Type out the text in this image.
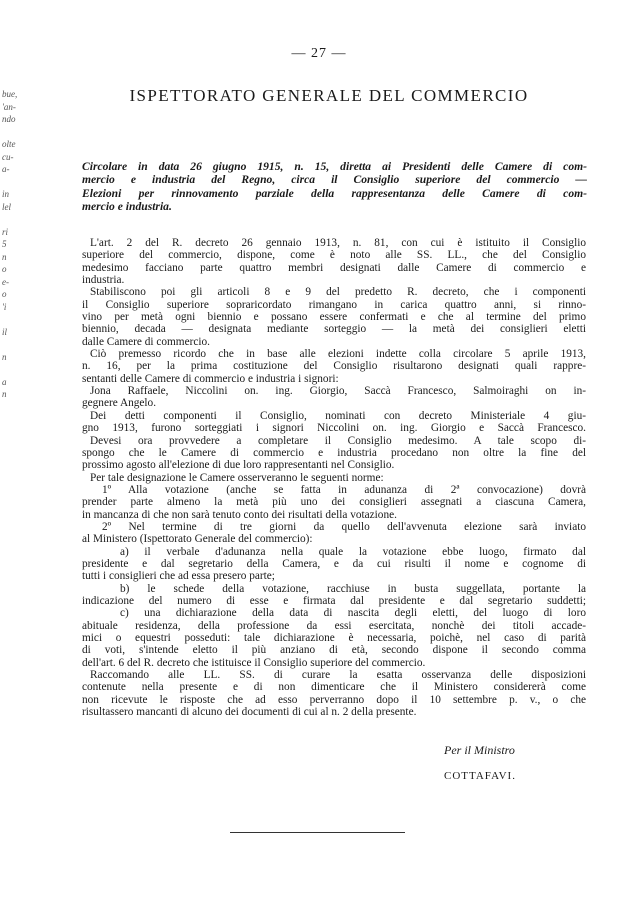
— 27 —
bue,
'an-
ndo

olte
cu-
a-

in
lel

ri
5
n
o
e-
o
'i

il

n

a
n
ISPETTORATO GENERALE DEL COMMERCIO
Circolare in data 26 giugno 1915, n. 15, diretta ai Presidenti delle Camere di com-
mercio e industria del Regno, circa il Consiglio superiore del commercio —
Elezioni per rinnovamento parziale della rappresentanza delle Camere di com-
mercio e industria.
L'art. 2 del R. decreto 26 gennaio 1913, n. 81, con cui è istituito il Consiglio
superiore del commercio, dispone, come è noto alle SS. LL., che del Consiglio
medesimo facciano parte quattro membri designati dalle Camere di commercio e
industria.
Stabiliscono poi gli articoli 8 e 9 del predetto R. decreto, che i componenti
il Consiglio superiore sopraricordato rimangano in carica quattro anni, si rinno-
vino per metà ogni biennio e possano essere confermati e che al termine del primo
biennio, decada — designata mediante sorteggio — la metà dei consiglieri eletti
dalle Camere di commercio.
Ciò premesso ricordo che in base alle elezioni indette colla circolare 5 aprile 1913,
n. 16, per la prima costituzione del Consiglio risultarono designati quali rappre-
sentanti delle Camere di commercio e industria i signori:
Jona Raffaele, Niccolini on. ing. Giorgio, Saccà Francesco, Salmoiraghi on in-
gegnere Angelo.
Dei detti componenti il Consiglio, nominati con decreto Ministeriale 4 giu-
gno 1913, furono sorteggiati i signori Niccolini on. ing. Giorgio e Saccà Francesco.
Devesi ora provvedere a completare il Consiglio medesimo. A tale scopo di-
spongo che le Camere di commercio e industria procedano non oltre la fine del
prossimo agosto all'elezione di due loro rappresentanti nel Consiglio.
Per tale designazione le Camere osserveranno le seguenti norme:
1º Alla votazione (anche se fatta in adunanza di 2ª convocazione) dovrà
prender parte almeno la metà più uno dei consiglieri assegnati a ciascuna Camera,
in mancanza di che non sarà tenuto conto dei risultati della votazione.
2º Nel termine di tre giorni da quello dell'avvenuta elezione sarà inviato
al Ministero (Ispettorato Generale del commercio):
a) il verbale d'adunanza nella quale la votazione ebbe luogo, firmato dal
presidente e dal segretario della Camera, e da cui risulti il nome e cognome di
tutti i consiglieri che ad essa presero parte;
b) le schede della votazione, racchiuse in busta suggellata, portante la
indicazione del numero di esse e firmata dal presidente e dal segretario suddetti;
c) una dichiarazione della data di nascita degli eletti, del luogo di loro
abituale residenza, della professione da essi esercitata, nonchè dei titoli accade-
mici o equestri posseduti: tale dichiarazione è necessaria, poichè, nel caso di parità
di voti, s'intende eletto il più anziano di età, secondo dispone il secondo comma
dell'art. 6 del R. decreto che istituisce il Consiglio superiore del commercio.
Raccomando alle LL. SS. di curare la esatta osservanza delle disposizioni
contenute nella presente e di non dimenticare che il Ministero considererà come
non ricevute le risposte che ad esso perverranno dopo il 10 settembre p. v., o che
risultassero mancanti di alcuno dei documenti di cui al n. 2 della presente.
Per il Ministro
COTTAFAVI.
